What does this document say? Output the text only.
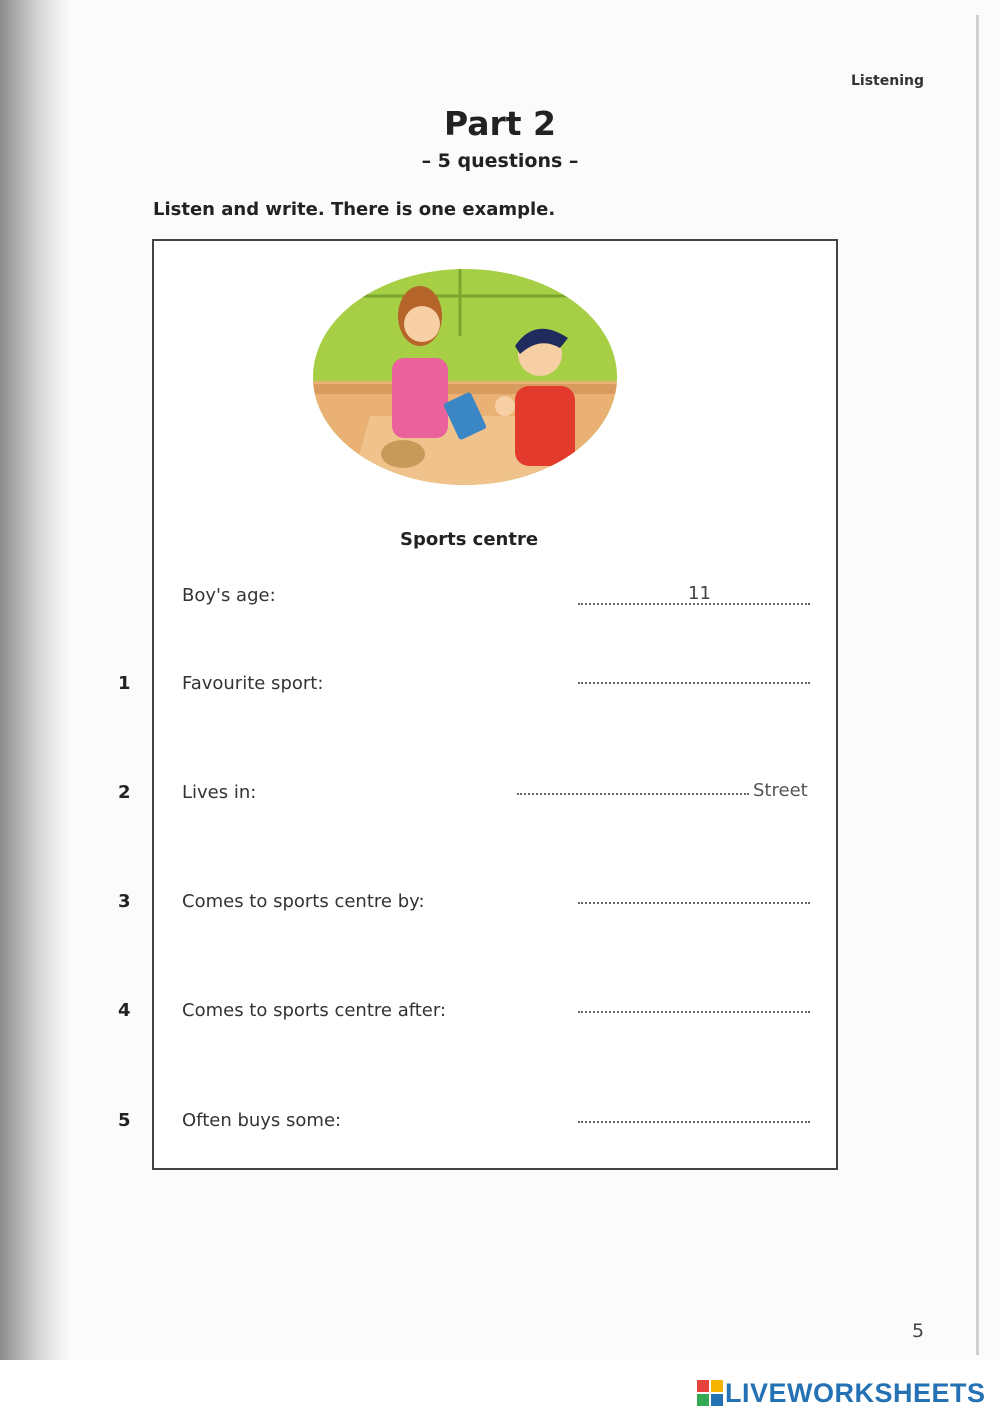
Listening
Part 2
– 5 questions –
Listen and write. There is one example.
Sports centre
Boy's age:	11
1	Favourite sport:
2	Lives in:	Street
3	Comes to sports centre by:
4	Comes to sports centre after:
5	Often buys some:
5
LIVEWORKSHEETS
